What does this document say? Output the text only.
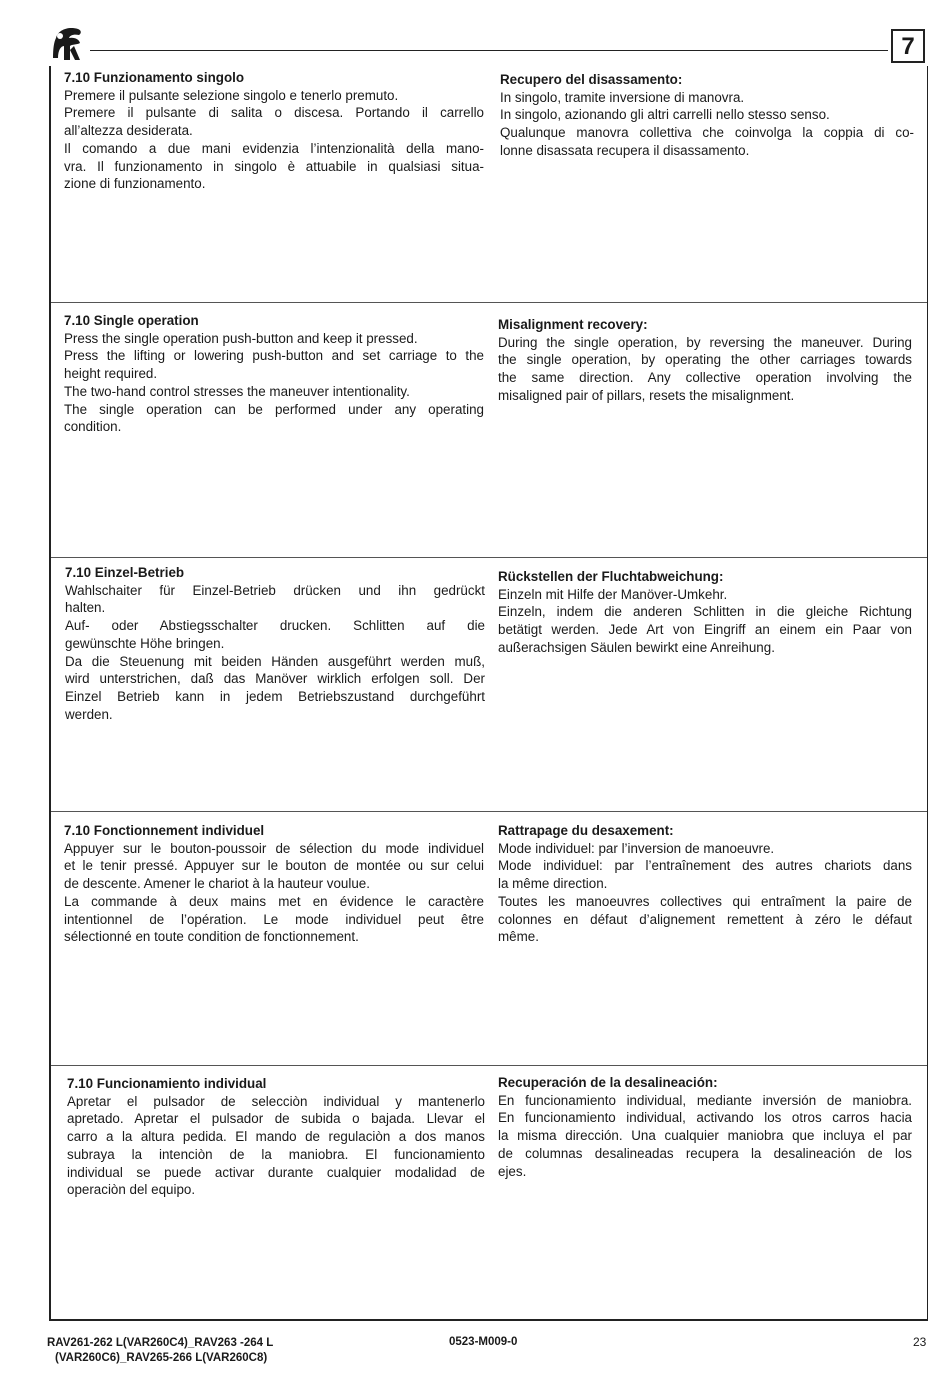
7
7.10 Funzionamento singolo
Premere il pulsante selezione singolo e tenerlo premuto.
Premere il pulsante di salita o discesa. Portando il carrello
all’altezza desiderata.
Il comando a due mani evidenzia l’intenzionalità della mano-
vra. Il funzionamento in singolo è attuabile in qualsiasi situa-
zione di funzionamento.
Recupero del disassamento:
In singolo, tramite inversione di manovra.
In singolo, azionando gli altri carrelli nello stesso senso.
Qualunque manovra collettiva che coinvolga la coppia di co-
lonne disassata recupera il disassamento.
7.10 Single operation
Press the single operation push-button and keep it pressed.
Press the lifting or lowering push-button and set carriage to the
height required.
The two-hand control stresses the maneuver intentionality.
The single operation can be performed under any operating
condition.
Misalignment recovery:
During the single operation, by reversing the maneuver. During
the single operation, by operating the other carriages towards
the same direction. Any collective operation involving the
misaligned pair of pillars, resets the misalignment.
7.10 Einzel-Betrieb
Wahlschaiter für Einzel-Betrieb drücken und ihn gedrückt
halten.
Auf- oder Abstiegsschalter drucken. Schlitten auf die
gewünschte Höhe bringen.
Da die Steuenung mit beiden Händen ausgeführt werden muß,
wird unterstrichen, daß das Manöver wirklich erfolgen soll. Der
Einzel Betrieb kann in jedem Betriebszustand durchgeführt
werden.
Rückstellen der Fluchtabweichung:
Einzeln mit Hilfe der Manöver-Umkehr.
Einzeln, indem die anderen Schlitten in die gleiche Richtung
betätigt werden. Jede Art von Eingriff an einem ein Paar von
außerachsigen Säulen bewirkt eine Anreihung.
7.10 Fonctionnement individuel
Appuyer sur le bouton-poussoir de sélection du mode individuel
et le tenir pressé. Appuyer sur le bouton de montée ou sur celui
de descente. Amener le chariot à la hauteur voulue.
La commande à deux mains met en évidence le caractère
intentionnel de l’opération. Le mode individuel peut être
sélectionné en toute condition de fonctionnement.
Rattrapage du desaxement:
Mode individuel: par l’inversion de manoeuvre.
Mode individuel: par l’entraînement des autres chariots dans
la même direction.
Toutes les manoeuvres collectives qui entraîment la paire de
colonnes en défaut d’alignement remettent à zéro le défaut
même.
7.10 Funcionamiento individual
Apretar el pulsador de selecciòn individual y mantenerlo
apretado. Apretar el pulsador de subida o bajada. Llevar el
carro a la altura pedida. El mando de regulaciòn a dos manos
subraya la intenciòn de la maniobra. El funcionamiento
individual se puede activar durante cualquier modalidad de
operaciòn del equipo.
Recuperación de la desalineación:
En funcionamiento individual, mediante inversión de maniobra.
En funcionamiento individual, activando los otros carros hacia
la misma dirección. Una cualquier maniobra que incluya el par
de columnas desalineadas recupera la desalineación de los
ejes.
RAV261-262 L(VAR260C4)_RAV263 -264 L
(VAR260C6)_RAV265-266 L(VAR260C8)
0523-M009-0	23
